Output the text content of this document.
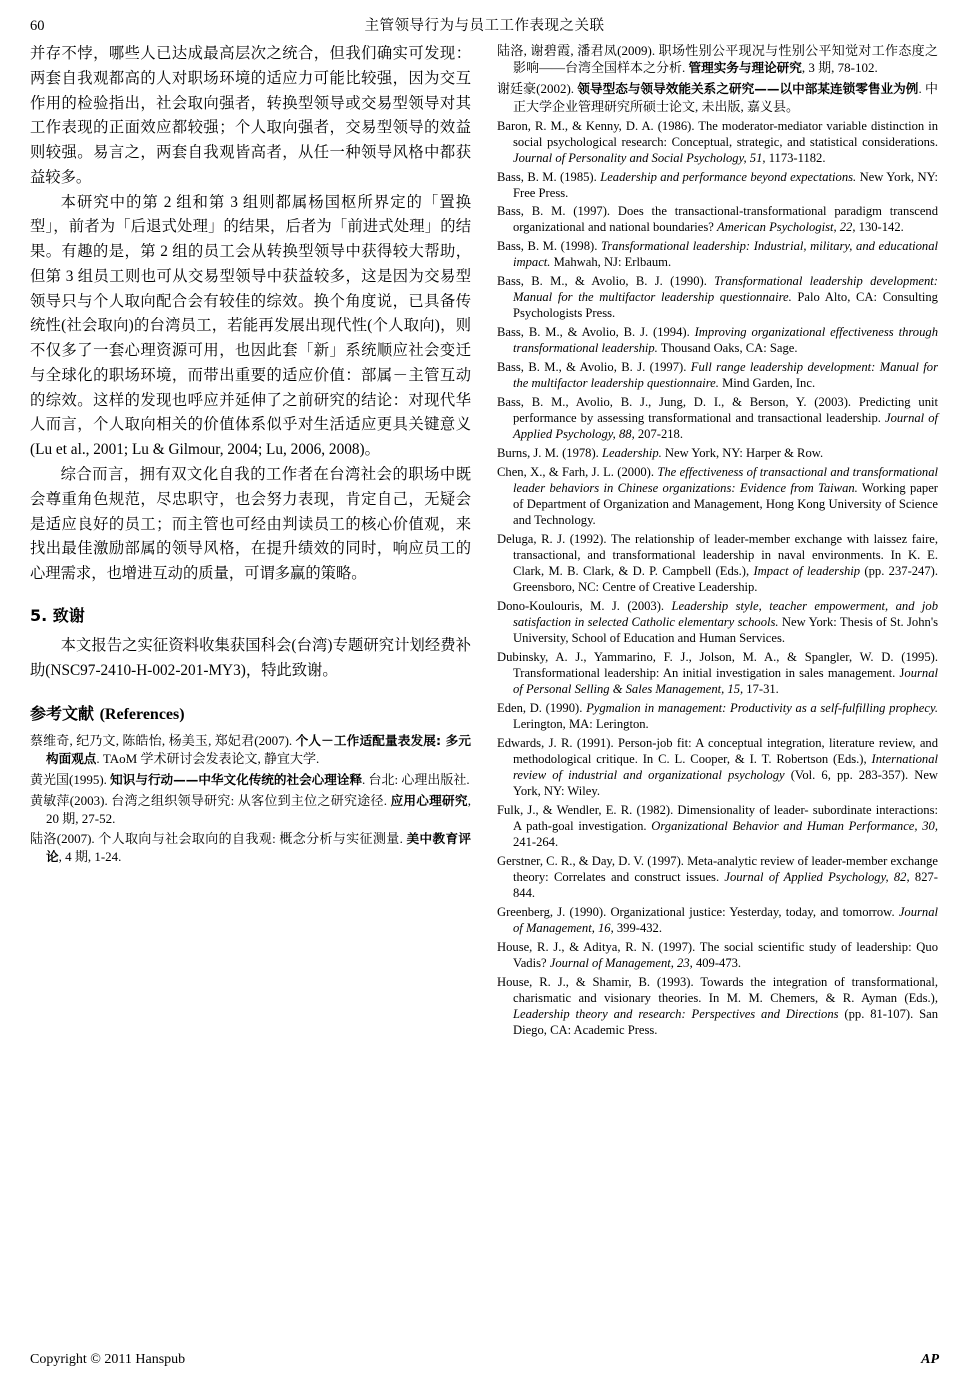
60	主管领导行为与员工工作表现之关联

并存不悖，哪些人已达成最高层次之统合，但我们确实可发现：两套自我观都高的人对职场环境的适应力可能比较强，因为交互作用的检验指出，社会取向强者，转换型领导或交易型领导对其工作表现的正面效应都较强；个人取向强者，交易型领导的效益则较强。易言之，两套自我观皆高者，从任一种领导风格中都获益较多。

本研究中的第 2 组和第 3 组则都属杨国枢所界定的「置换型」，前者为「后退式处理」的结果，后者为「前进式处理」的结果。有趣的是，第 2 组的员工会从转换型领导中获得较大帮助，但第 3 组员工则也可从交易型领导中获益较多，这是因为交易型领导只与个人取向配合会有较佳的综效。换个角度说，已具备传统性(社会取向)的台湾员工，若能再发展出现代性(个人取向)，则不仅多了一套心理资源可用，也因此套「新」系统顺应社会变迁与全球化的职场环境，而带出重要的适应价值：部属－主管互动的综效。这样的发现也呼应并延伸了之前研究的结论：对现代华人而言，个人取向相关的价值体系似乎对生活适应更具关键意义(Lu et al., 2001; Lu & Gilmour, 2004; Lu, 2006, 2008)。

综合而言，拥有双文化自我的工作者在台湾社会的职场中既会尊重角色规范，尽忠职守，也会努力表现，肯定自己，无疑会是适应良好的员工；而主管也可经由判读员工的核心价值观，来找出最佳激励部属的领导风格，在提升绩效的同时，响应员工的心理需求，也增进互动的质量，可谓多赢的策略。

5. 致谢

本文报告之实征资料收集获国科会(台湾)专题研究计划经费补助(NSC97-2410-H-002-201-MY3)，特此致谢。

参考文献 (References)

蔡维奇, 纪乃文, 陈皓怡, 杨美玉, 郑妃君(2007). 个人－工作适配量表发展: 多元构面观点. TAoM 学术研讨会发表论文, 静宜大学.

黄光国(1995). 知识与行动——中华文化传统的社会心理诠释. 台北: 心理出版社.

黄敏萍(2003). 台湾之组织领导研究: 从客位到主位之研究途径. 应用心理研究, 20 期, 27-52.

陆洛(2007). 个人取向与社会取向的自我观: 概念分析与实征测量. 美中教育评论, 4 期, 1-24.

陆洛, 谢碧霞, 潘君凤(2009). 职场性别公平现况与性别公平知觉对工作态度之影响——台湾全国样本之分析. 管理实务与理论研究, 3 期, 78-102.

谢廷豪(2002). 领导型态与领导效能关系之研究——以中部某连锁零售业为例. 中正大学企业管理研究所硕士论文, 未出版, 嘉义县。

Baron, R. M., & Kenny, D. A. (1986). The moderator-mediator variable distinction in social psychological research: Conceptual, strategic, and statistical considerations. Journal of Personality and Social Psychology, 51, 1173-1182.

Bass, B. M. (1985). Leadership and performance beyond expectations. New York, NY: Free Press.

Bass, B. M. (1997). Does the transactional-transformational paradigm transcend organizational and national boundaries? American Psychologist, 22, 130-142.

Bass, B. M. (1998). Transformational leadership: Industrial, military, and educational impact. Mahwah, NJ: Erlbaum.

Bass, B. M., & Avolio, B. J. (1990). Transformational leadership development: Manual for the multifactor leadership questionnaire. Palo Alto, CA: Consulting Psychologists Press.

Bass, B. M., & Avolio, B. J. (1994). Improving organizational effectiveness through transformational leadership. Thousand Oaks, CA: Sage.

Bass, B. M., & Avolio, B. J. (1997). Full range leadership development: Manual for the multifactor leadership questionnaire. Mind Garden, Inc.

Bass, B. M., Avolio, B. J., Jung, D. I., & Berson, Y. (2003). Predicting unit performance by assessing transformational and transactional leadership. Journal of Applied Psychology, 88, 207-218.

Burns, J. M. (1978). Leadership. New York, NY: Harper & Row.

Chen, X., & Farh, J. L. (2000). The effectiveness of transactional and transformational leader behaviors in Chinese organizations: Evidence from Taiwan. Working paper of Department of Organization and Management, Hong Kong University of Science and Technology.

Deluga, R. J. (1992). The relationship of leader-member exchange with laissez faire, transactional, and transformational leadership in naval environments. In K. E. Clark, M. B. Clark, & D. P. Campbell (Eds.), Impact of leadership (pp. 237-247). Greensboro, NC: Centre of Creative Leadership.

Dono-Koulouris, M. J. (2003). Leadership style, teacher empowerment, and job satisfaction in selected Catholic elementary schools. New York: Thesis of St. John's University, School of Education and Human Services.

Dubinsky, A. J., Yammarino, F. J., Jolson, M. A., & Spangler, W. D. (1995). Transformational leadership: An initial investigation in sales management. Journal of Personal Selling & Sales Management, 15, 17-31.

Eden, D. (1990). Pygmalion in management: Productivity as a self-fulfilling prophecy. Lerington, MA: Lerington.

Edwards, J. R. (1991). Person-job fit: A conceptual integration, literature review, and methodological critique. In C. L. Cooper, & I. T. Robertson (Eds.), International review of industrial and organizational psychology (Vol. 6, pp. 283-357). New York, NY: Wiley.

Fulk, J., & Wendler, E. R. (1982). Dimensionality of leader- subordinate interactions: A path-goal investigation. Organizational Behavior and Human Performance, 30, 241-264.

Gerstner, C. R., & Day, D. V. (1997). Meta-analytic review of leader-member exchange theory: Correlates and construct issues. Journal of Applied Psychology, 82, 827-844.

Greenberg, J. (1990). Organizational justice: Yesterday, today, and tomorrow. Journal of Management, 16, 399-432.

House, R. J., & Aditya, R. N. (1997). The social scientific study of leadership: Quo Vadis? Journal of Management, 23, 409-473.

House, R. J., & Shamir, B. (1993). Towards the integration of transformational, charismatic and visionary theories. In M. M. Chemers, & R. Ayman (Eds.), Leadership theory and research: Perspectives and Directions (pp. 81-107). San Diego, CA: Academic Press.

Copyright © 2011 Hanspub	AP
